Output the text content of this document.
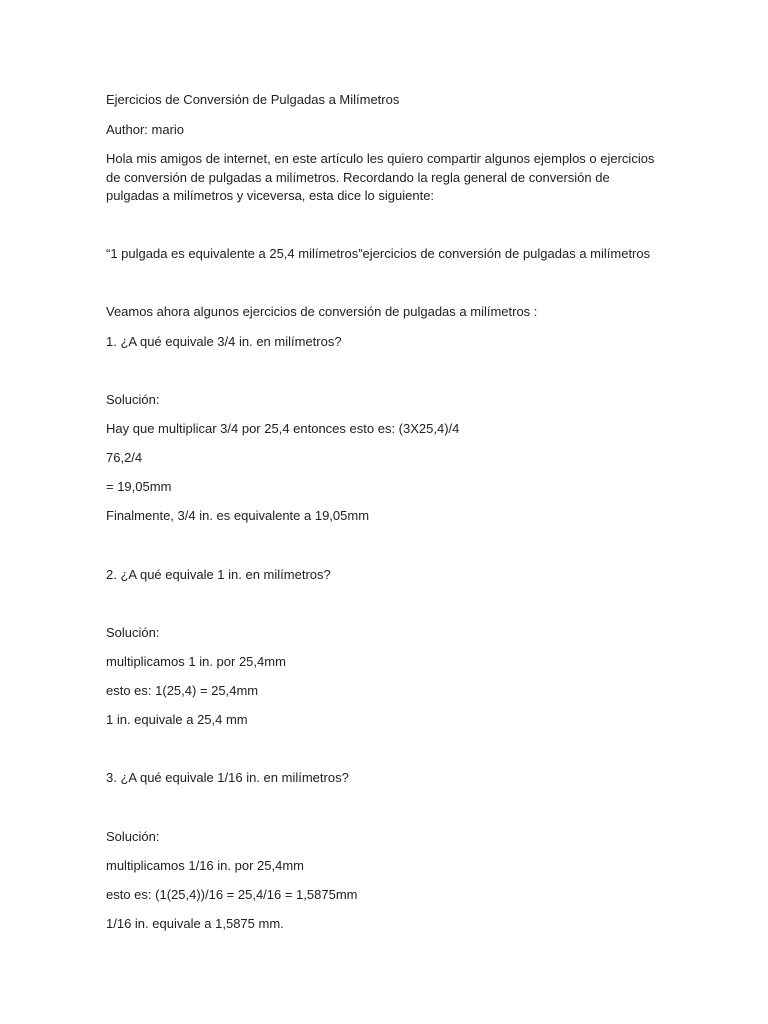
Ejercicios de Conversión de Pulgadas a Milímetros
Author: mario
Hola mis amigos de internet, en este artículo les quiero compartir algunos ejemplos o ejercicios de conversión de pulgadas a milímetros. Recordando la regla general de conversión de pulgadas a milímetros y viceversa, esta dice lo siguiente:
“1 pulgada es equivalente a 25,4 milímetros”ejercicios de conversión de pulgadas a milímetros
Veamos ahora algunos ejercicios de conversión de pulgadas a milímetros :
1. ¿A qué equivale 3/4 in. en milímetros?
Solución:
Hay que multiplicar 3/4 por 25,4 entonces esto es: (3X25,4)/4
76,2/4
= 19,05mm
Finalmente, 3/4 in. es equivalente a 19,05mm
2. ¿A qué equivale 1 in. en milímetros?
Solución:
multiplicamos 1 in. por 25,4mm
esto es: 1(25,4) = 25,4mm
1 in. equivale a 25,4 mm
3. ¿A qué equivale 1/16 in. en milímetros?
Solución:
multiplicamos 1/16 in. por 25,4mm
esto es: (1(25,4))/16 = 25,4/16 = 1,5875mm
1/16 in. equivale a 1,5875 mm.
